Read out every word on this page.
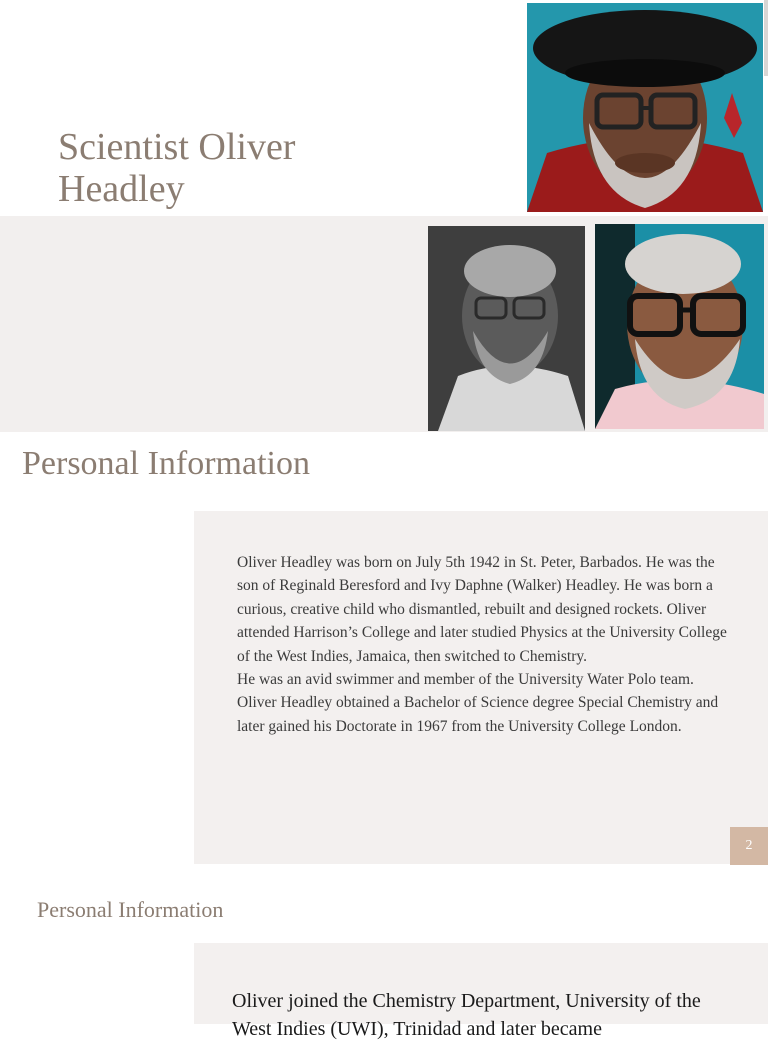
Scientist Oliver Headley
Personal Information

Oliver Headley was born on July 5th 1942 in St. Peter, Barbados. He was the son of Reginald Beresford and Ivy Daphne (Walker) Headley. He was born a curious, creative child who dismantled, rebuilt and designed rockets. Oliver attended Harrison’s College and later studied Physics at the University College of the West Indies, Jamaica, then switched to Chemistry.

He was an avid swimmer and member of the University Water Polo team.

Oliver Headley obtained a Bachelor of Science degree Special Chemistry and later gained his Doctorate in 1967 from the University College London.

2
Personal Information

Oliver joined the Chemistry Department, University of the West Indies (UWI), Trinidad and later became
